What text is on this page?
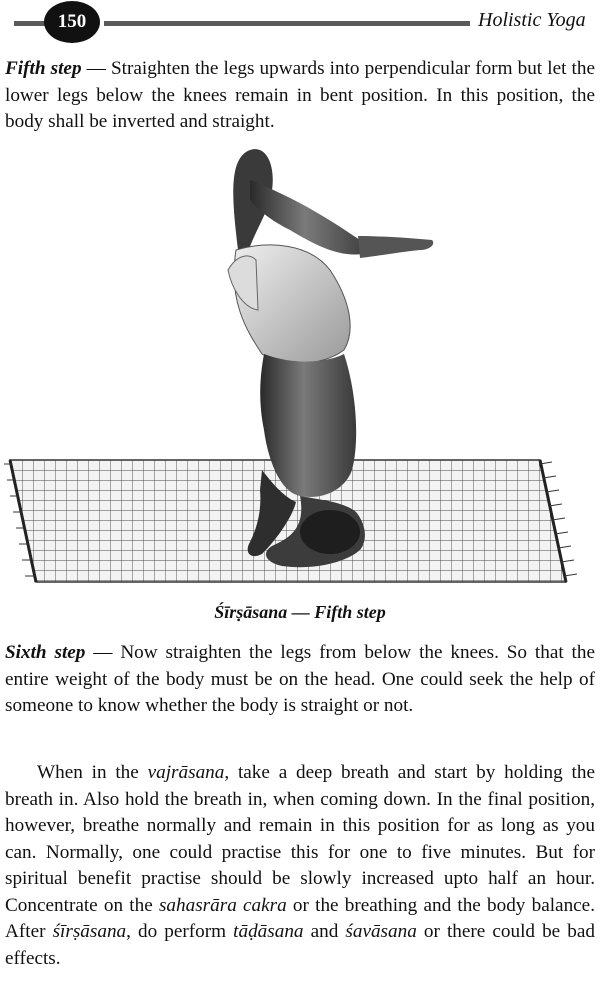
150	Holistic Yoga

Fifth step — Straighten the legs upwards into perpendicular form but let the lower legs below the knees remain in bent position. In this position, the body shall be inverted and straight.

Śīrṣāsana — Fifth step

Sixth step — Now straighten the legs from below the knees. So that the entire weight of the body must be on the head. One could seek the help of someone to know whether the body is straight or not.

When in the vajrāsana, take a deep breath and start by holding the breath in. Also hold the breath in, when coming down. In the final position, however, breathe normally and remain in this position for as long as you can. Normally, one could practise this for one to five minutes. But for spiritual benefit practise should be slowly increased upto half an hour. Concentrate on the sahasrāra cakra or the breathing and the body balance. After śīrṣāsana, do perform tāḍāsana and śavāsana or there could be bad effects.
